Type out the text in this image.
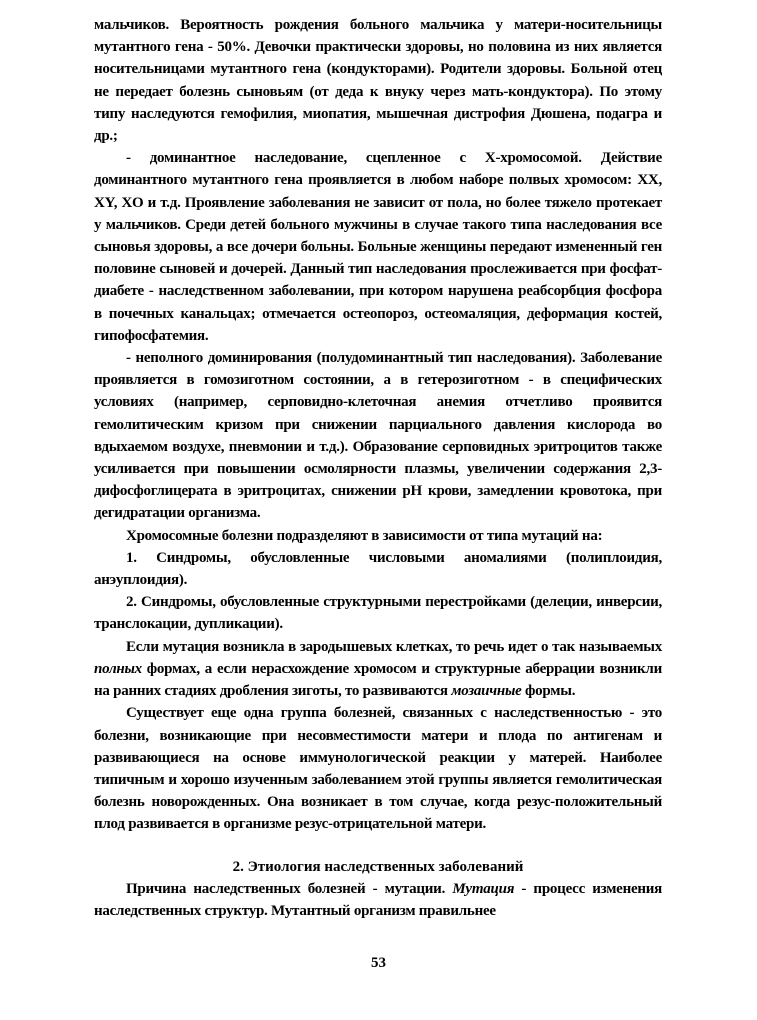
мальчиков. Вероятность рождения больного мальчика у матери-носительницы мутантного гена - 50%. Девочки практически здоровы, но половина из них является носительницами мутантного гена (кондукторами). Родители здоровы. Больной отец не передает болезнь сыновьям (от деда к внуку через мать-кондуктора). По этому типу наследуются гемофилия, миопатия, мышечная дистрофия Дюшена, подагра и др.;

- доминантное наследование, сцепленное с Х-хромосомой. Действие доминантного мутантного гена проявляется в любом наборе полвых хромосом: XX, XY, XO и т.д. Проявление заболевания не зависит от пола, но более тяжело протекает у мальчиков. Среди детей больного мужчины в случае такого типа наследования все сыновья здоровы, а все дочери больны. Больные женщины передают измененный ген половине сыновей и дочерей. Данный тип наследования прослеживается при фосфат-диабете - наследственном заболевании, при котором нарушена реабсорбция фосфора в почечных канальцах; отмечается остеопороз, остеомаляция, деформация костей, гипофосфатемия.

- неполного доминирования (полудоминантный тип наследования). Заболевание проявляется в гомозиготном состоянии, а в гетерозиготном - в специфических условиях (например, серповидно-клеточная анемия отчетливо проявится гемолитическим кризом при снижении парциального давления кислорода во вдыхаемом воздухе, пневмонии и т.д.). Образование серповидных эритроцитов также усиливается при повышении осмолярности плазмы, увеличении содержания 2,3-дифосфоглицерата в эритроцитах, снижении pH крови, замедлении кровотока, при дегидратации организма.

Хромосомные болезни подразделяют в зависимости от типа мутаций на:

1. Синдромы, обусловленные числовыми аномалиями (полиплоидия, анэуплоидия).

2. Синдромы, обусловленные структурными перестройками (делеции, инверсии, транслокации, дупликации).

Если мутация возникла в зародышевых клетках, то речь идет о так называемых полных формах, а если нерасхождение хромосом и структурные аберрации возникли на ранних стадиях дробления зиготы, то развиваются мозаичные формы.

Существует еще одна группа болезней, связанных с наследственностью - это болезни, возникающие при несовместимости матери и плода по антигенам и развивающиеся на основе иммунологической реакции у матерей. Наиболее типичным и хорошо изученным заболеванием этой группы является гемолитическая болезнь новорожденных. Она возникает в том случае, когда резус-положительный плод развивается в организме резус-отрицательной матери.

2. Этиология наследственных заболеваний

Причина наследственных болезней - мутации. Мутация - процесс изменения наследственных структур. Мутантный организм правильнее

53
